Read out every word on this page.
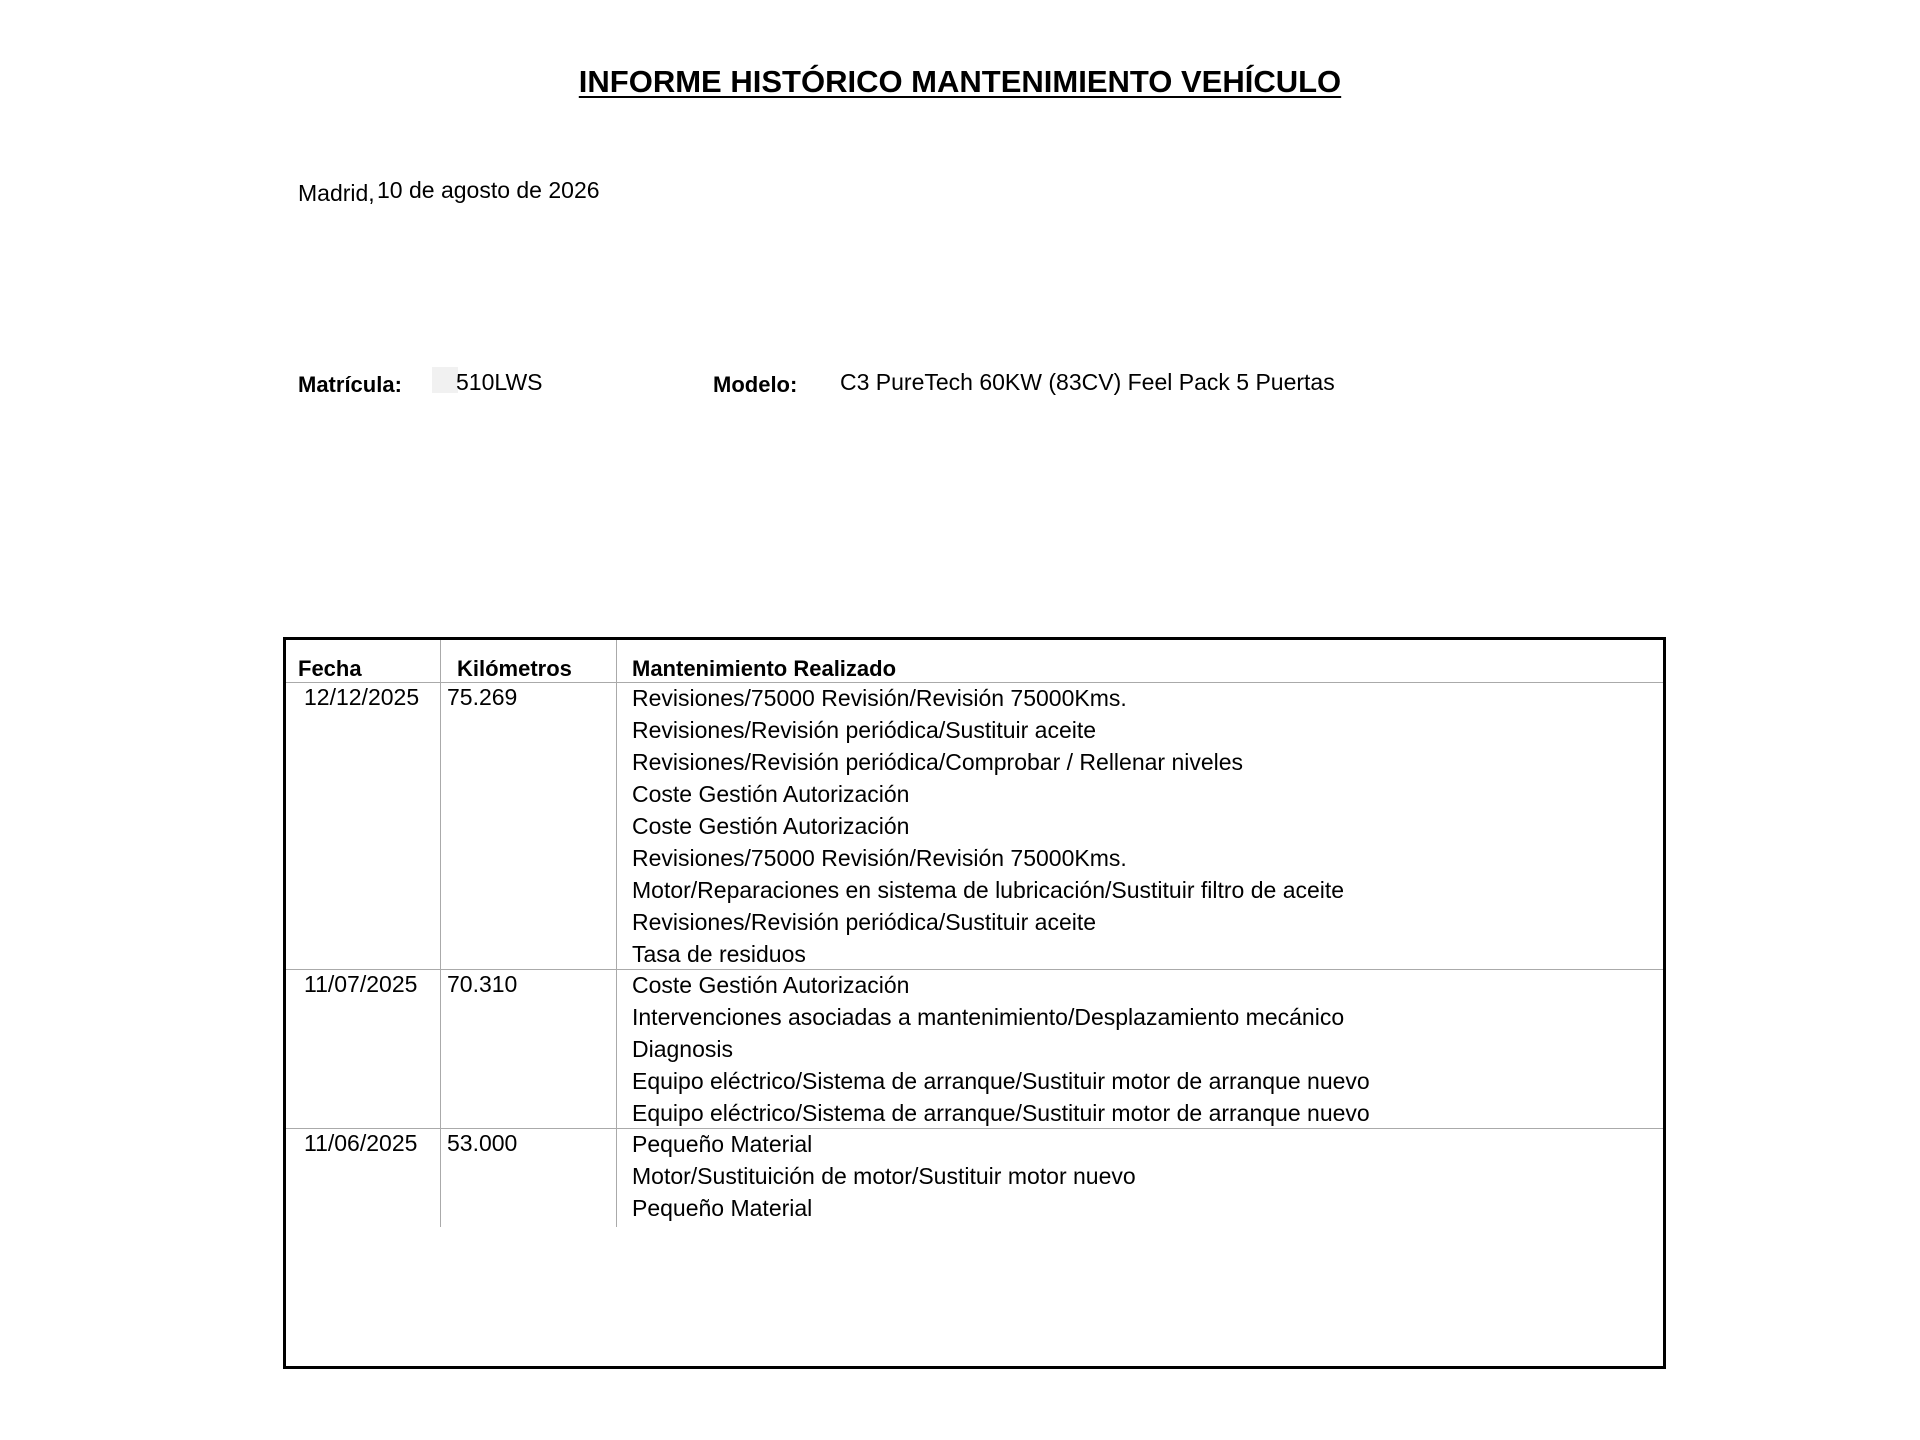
INFORME HISTÓRICO MANTENIMIENTO VEHÍCULO
Madrid, 10 de agosto de 2026
Matrícula: 510LWS	Modelo: C3 PureTech 60KW (83CV) Feel Pack 5 Puertas
Fecha	Kilómetros	Mantenimiento Realizado
12/12/2025 75.269	Revisiones/75000 Revisión/Revisión 75000Kms.
Revisiones/Revisión periódica/Sustituir aceite
Revisiones/Revisión periódica/Comprobar / Rellenar niveles
Coste Gestión Autorización
Coste Gestión Autorización
Revisiones/75000 Revisión/Revisión 75000Kms.
Motor/Reparaciones en sistema de lubricación/Sustituir filtro de aceite
Revisiones/Revisión periódica/Sustituir aceite
Tasa de residuos
11/07/2025 70.310	Coste Gestión Autorización
Intervenciones asociadas a mantenimiento/Desplazamiento mecánico
Diagnosis
Equipo eléctrico/Sistema de arranque/Sustituir motor de arranque nuevo
Equipo eléctrico/Sistema de arranque/Sustituir motor de arranque nuevo
11/06/2025 53.000	Pequeño Material
Motor/Sustituición de motor/Sustituir motor nuevo
Pequeño Material
